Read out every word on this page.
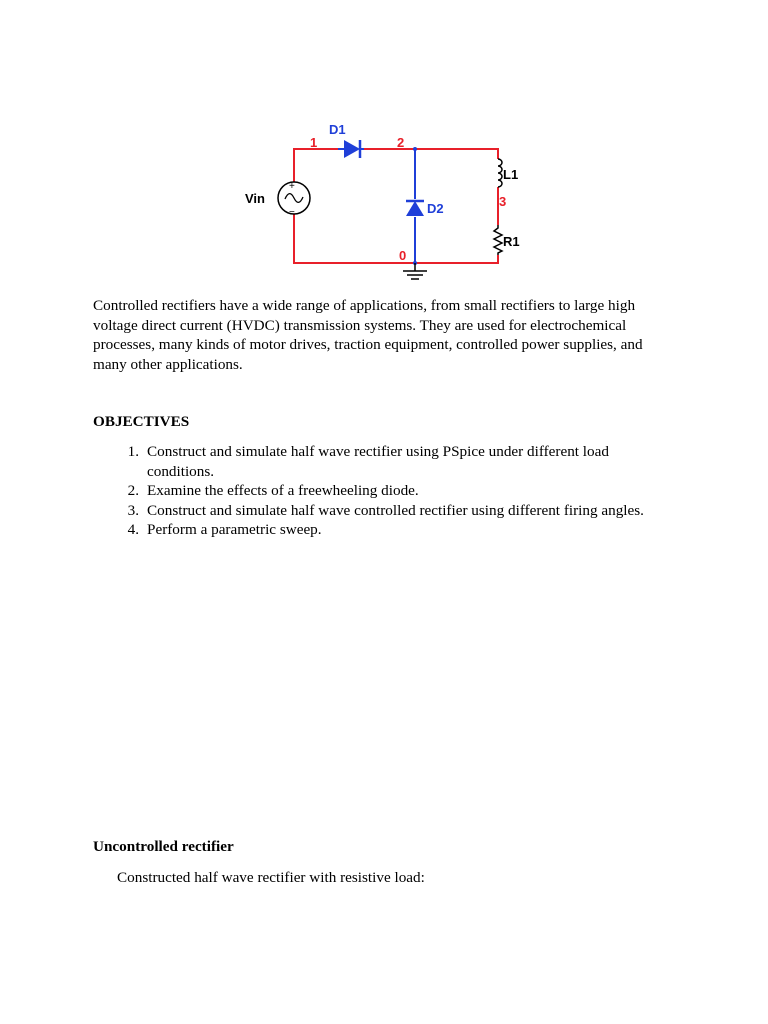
+
−
Vin
D1
D2
L1
R1
1	2
3
0

Controlled rectifiers have a wide range of applications, from small rectifiers to large high voltage direct current (HVDC) transmission systems. They are used for electrochemical processes, many kinds of motor drives, traction equipment, controlled power supplies, and many other applications.

OBJECTIVES

1. Construct and simulate half wave rectifier using PSpice under different load conditions.
2. Examine the effects of a freewheeling diode.
3. Construct and simulate half wave controlled rectifier using different firing angles.
4. Perform a parametric sweep.

Uncontrolled rectifier

Constructed half wave rectifier with resistive load:
